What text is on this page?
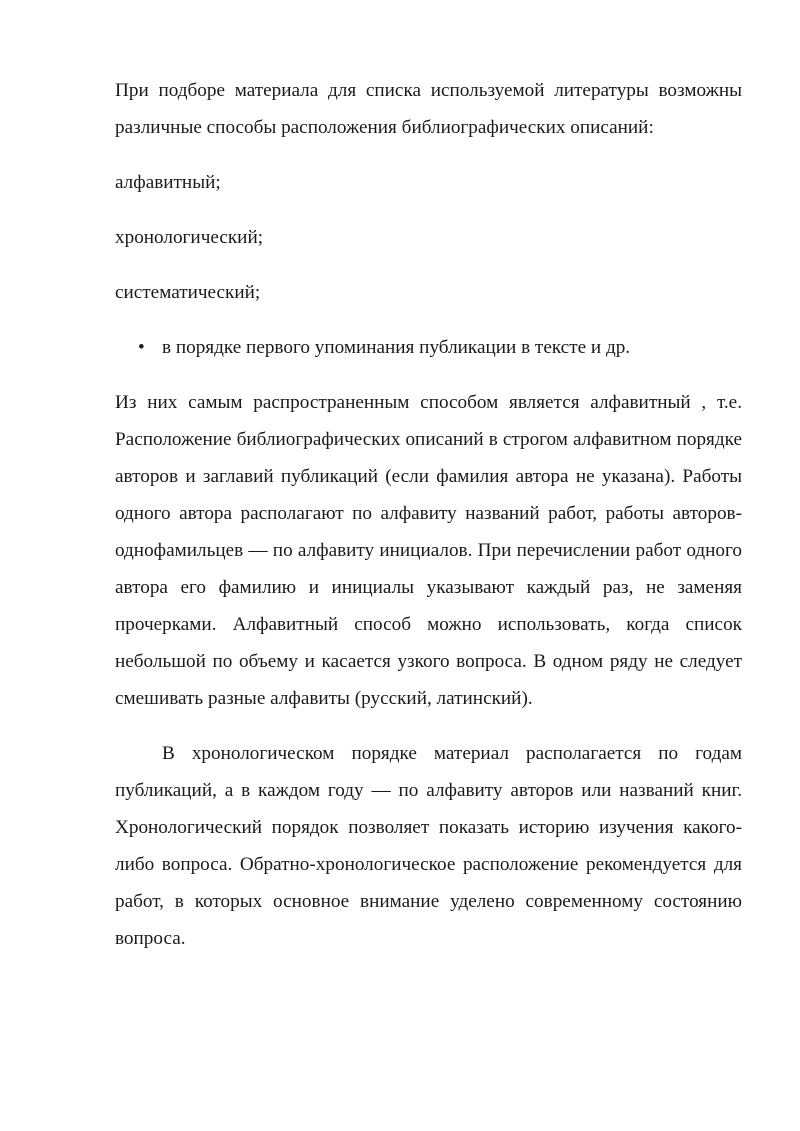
При подборе материала для списка используемой литературы возможны различные способы расположения библиографических описаний:

алфавитный;

хронологический;

систематический;

• в порядке первого упоминания публикации в тексте и др.

Из них самым распространенным способом является алфавитный , т.е. Расположение библиографических описаний в строгом алфавитном порядке авторов и заглавий публикаций (если фамилия автора не указана). Работы одного автора располагают по алфавиту названий работ, работы авторов-однофамильцев — по алфавиту инициалов. При перечислении работ одного автора его фамилию и инициалы указывают каждый раз, не заменяя прочерками. Алфавитный способ можно использовать, когда список небольшой по объему и касается узкого вопроса. В одном ряду не следует смешивать разные алфавиты (русский, латинский).

В хронологическом порядке материал располагается по годам публикаций, а в каждом году — по алфавиту авторов или названий книг. Хронологический порядок позволяет показать историю изучения какого-либо вопроса. Обратно-хронологическое расположение рекомендуется для работ, в которых основное внимание уделено современному состоянию вопроса.
